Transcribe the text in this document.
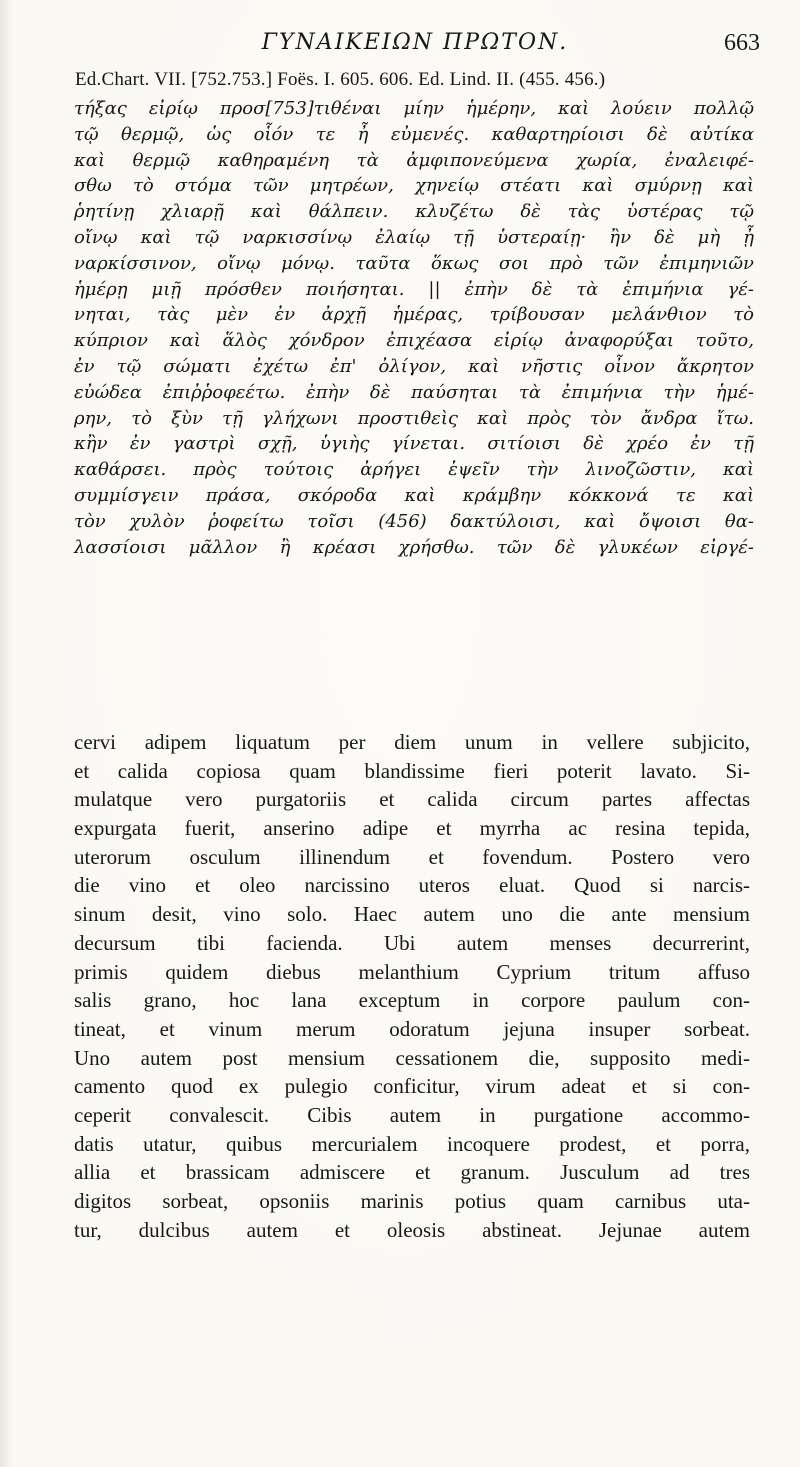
ΓΥΝΑΙΚΕΙΩΝ ΠΡΩΤΟΝ.	663
Ed.Chart. VII. [752.753.] Foës. I. 605. 606. Ed. Lind. II. (455. 456.)
τήξας εἰρίῳ προσ[753]τιθέναι μίην ἡμέρην, καὶ λούειν πολλῷ
τῷ θερμῷ, ὡς οἷόν τε ἦ εὐμενές. καθαρτηρίοισι δὲ αὐτίκα
καὶ θερμῷ καθηραμένη τὰ ἀμφιπονεύμενα χωρία, ἐναλειφέ-
σθω τὸ στόμα τῶν μητρέων, χηνείῳ στέατι καὶ σμύρνῃ καὶ
ῥητίνῃ χλιαρῇ καὶ θάλπειν. κλυζέτω δὲ τὰς ὑστέρας τῷ
οἴνῳ καὶ τῷ ναρκισσίνῳ ἐλαίῳ τῇ ὑστεραίῃ· ἢν δὲ μὴ ᾖ
ναρκίσσινον, οἴνῳ μόνῳ. ταῦτα ὅκως σοι πρὸ τῶν ἐπιμηνιῶν
ἡμέρῃ μιῇ πρόσθεν ποιήσηται. || ἐπὴν δὲ τὰ ἐπιμήνια γέ-
νηται, τὰς μὲν ἐν ἀρχῇ ἡμέρας, τρίβουσαν μελάνθιον τὸ
κύπριον καὶ ἅλὸς χόνδρον ἐπιχέασα εἰρίῳ ἀναφορύξαι τοῦτο,
ἐν τῷ σώματι ἐχέτω ἐπ' ὀλίγον, καὶ νῆστις οἶνον ἄκρητον
εὐώδεα ἐπιῤῥοφεέτω. ἐπὴν δὲ παύσηται τὰ ἐπιμήνια τὴν ἡμέ-
ρην, τὸ ξὺν τῇ γλήχωνι προστιθεὶς καὶ πρὸς τὸν ἄνδρα ἴτω.
κἢν ἐν γαστρὶ σχῇ, ὑγιὴς γίνεται. σιτίοισι δὲ χρέο ἐν τῇ
καθάρσει. πρὸς τούτοις ἀρήγει ἑψεῖν τὴν λινοζῶστιν, καὶ
συμμίσγειν πράσα, σκόροδα καὶ κράμβην κόκκονά τε καὶ
τὸν χυλὸν ῥοφείτω τοῖσι (456) δακτύλοισι, καὶ ὄψοισι θα-
λασσίοισι μᾶλλον ἢ κρέασι χρήσθω. τῶν δὲ γλυκέων εἰργέ-
cervi adipem liquatum per diem unum in vellere subjicito,
et calida copiosa quam blandissime fieri poterit lavato. Si-
mulatque vero purgatoriis et calida circum partes affectas
expurgata fuerit, anserino adipe et myrrha ac resina tepida,
uterorum osculum illinendum et fovendum. Postero vero
die vino et oleo narcissino uteros eluat. Quod si narcis-
sinum desit, vino solo. Haec autem uno die ante mensium
decursum tibi facienda. Ubi autem menses decurrerint,
primis quidem diebus melanthium Cyprium tritum affuso
salis grano, hoc lana exceptum in corpore paulum con-
tineat, et vinum merum odoratum jejuna insuper sorbeat.
Uno autem post mensium cessationem die, supposito medi-
camento quod ex pulegio conficitur, virum adeat et si con-
ceperit convalescit. Cibis autem in purgatione accommo-
datis utatur, quibus mercurialem incoquere prodest, et porra,
allia et brassicam admiscere et granum. Jusculum ad tres
digitos sorbeat, opsoniis marinis potius quam carnibus uta-
tur, dulcibus autem et oleosis abstineat. Jejunae autem
